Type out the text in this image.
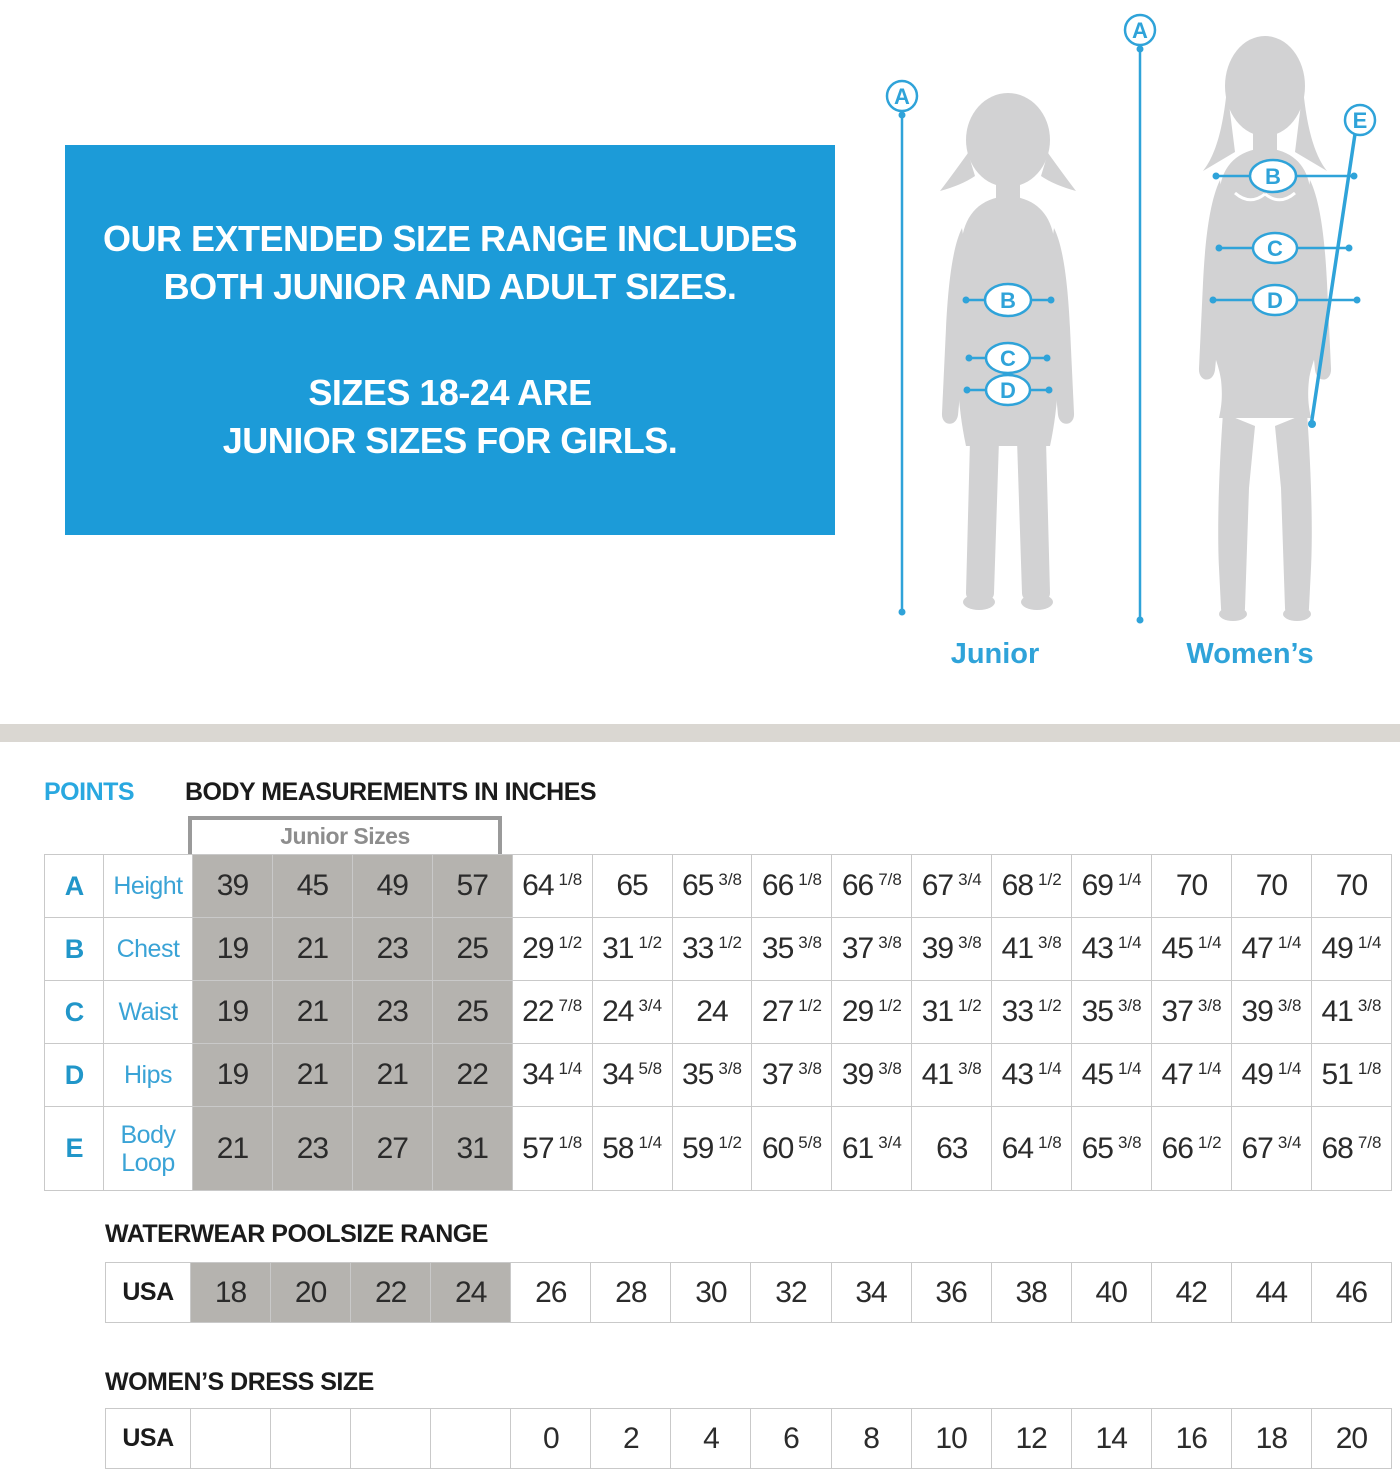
OUR EXTENDED SIZE RANGE INCLUDES
BOTH JUNIOR AND ADULT SIZES.
SIZES 18-24 ARE
JUNIOR SIZES FOR GIRLS.
A
B
C
D
Junior
A
E
B
C
D
Women’s
POINTS BODY MEASUREMENTS IN INCHES
Junior Sizes
A	Height	39	45	49	57	64 $^{1/8}$	65	65 $^{3/8}$	66 $^{1/8}$	66 $^{7/8}$	67 $^{3/4}$	68 $^{1/2}$	69 $^{1/4}$	70	70	70
B	Chest	19	21	23	25	29 $^{1/2}$	31 $^{1/2}$	33 $^{1/2}$	35 $^{3/8}$	37 $^{3/8}$	39 $^{3/8}$	41 $^{3/8}$	43 $^{1/4}$	45 $^{1/4}$	47 $^{1/4}$	49 $^{1/4}$
C	Waist	19	21	23	25	22 $^{7/8}$	24 $^{3/4}$	24	27 $^{1/2}$	29 $^{1/2}$	31 $^{1/2}$	33 $^{1/2}$	35 $^{3/8}$	37 $^{3/8}$	39 $^{3/8}$	41 $^{3/8}$
D	Hips	19	21	21	22	34 $^{1/4}$	34 $^{5/8}$	35 $^{3/8}$	37 $^{3/8}$	39 $^{3/8}$	41 $^{3/8}$	43 $^{1/4}$	45 $^{1/4}$	47 $^{1/4}$	49 $^{1/4}$	51 $^{1/8}$
E	Body Loop	21	23	27	31	57 $^{1/8}$	58 $^{1/4}$	59 $^{1/2}$	60 $^{5/8}$	61 $^{3/4}$	63	64 $^{1/8}$	65 $^{3/8}$	66 $^{1/2}$	67 $^{3/4}$	68 $^{7/8}$
WATERWEAR POOLSIZE RANGE
USA	18	20	22	24	26	28	30	32	34	36	38	40	42	44	46
WOMEN’S DRESS SIZE
USA					0	2	4	6	8	10	12	14	16	18	20
